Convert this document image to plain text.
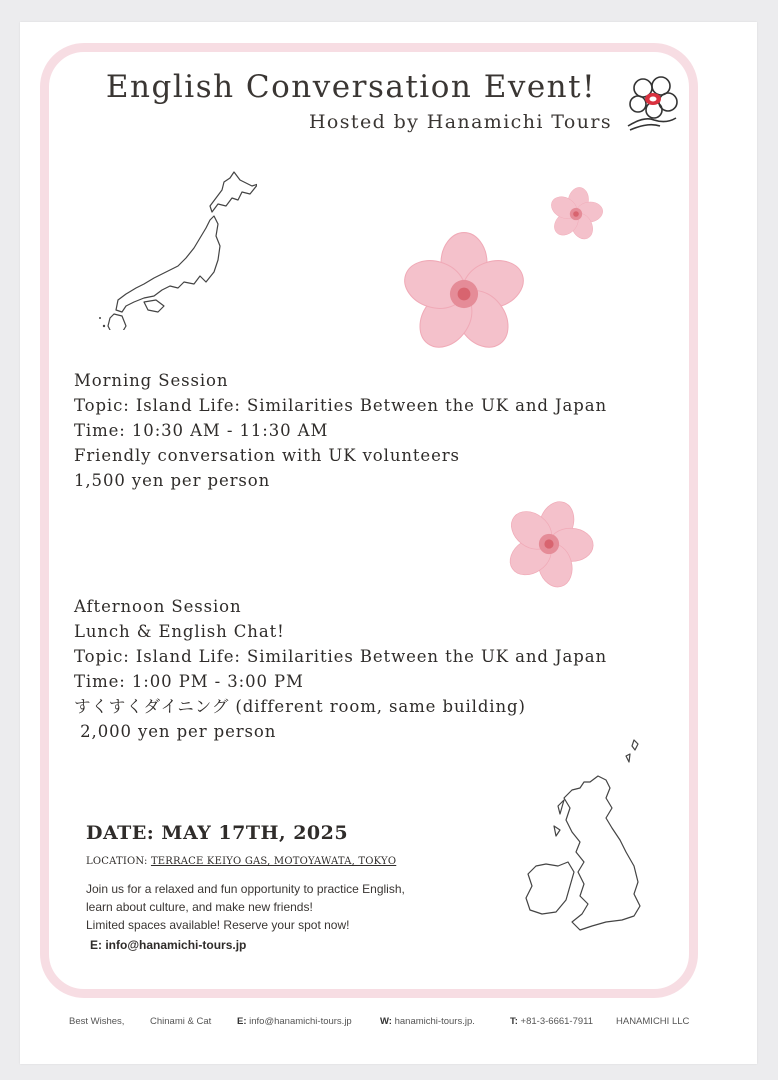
English Conversation Event!
Hosted by Hanamichi Tours
Morning Session
Topic: Island Life: Similarities Between the UK and Japan
Time: 10:30 AM - 11:30 AM
Friendly conversation with UK volunteers
1,500 yen per person
Afternoon Session
Lunch & English Chat!
Topic: Island Life: Similarities Between the UK and Japan
Time: 1:00 PM - 3:00 PM
すくすくダイニング (different room, same building)
2,000 yen per person
DATE: MAY 17TH, 2025
LOCATION: TERRACE KEIYO GAS, MOTOYAWATA, TOKYO
Join us for a relaxed and fun opportunity to practice English,
learn about culture, and make new friends!
Limited spaces available! Reserve your spot now!
E: info@hanamichi-tours.jp
Best Wishes,	Chinami & Cat	E: info@hanamichi-tours.jp	W: hanamichi-tours.jp.	T: +81-3-6661-7911 HANAMICHI LLC
